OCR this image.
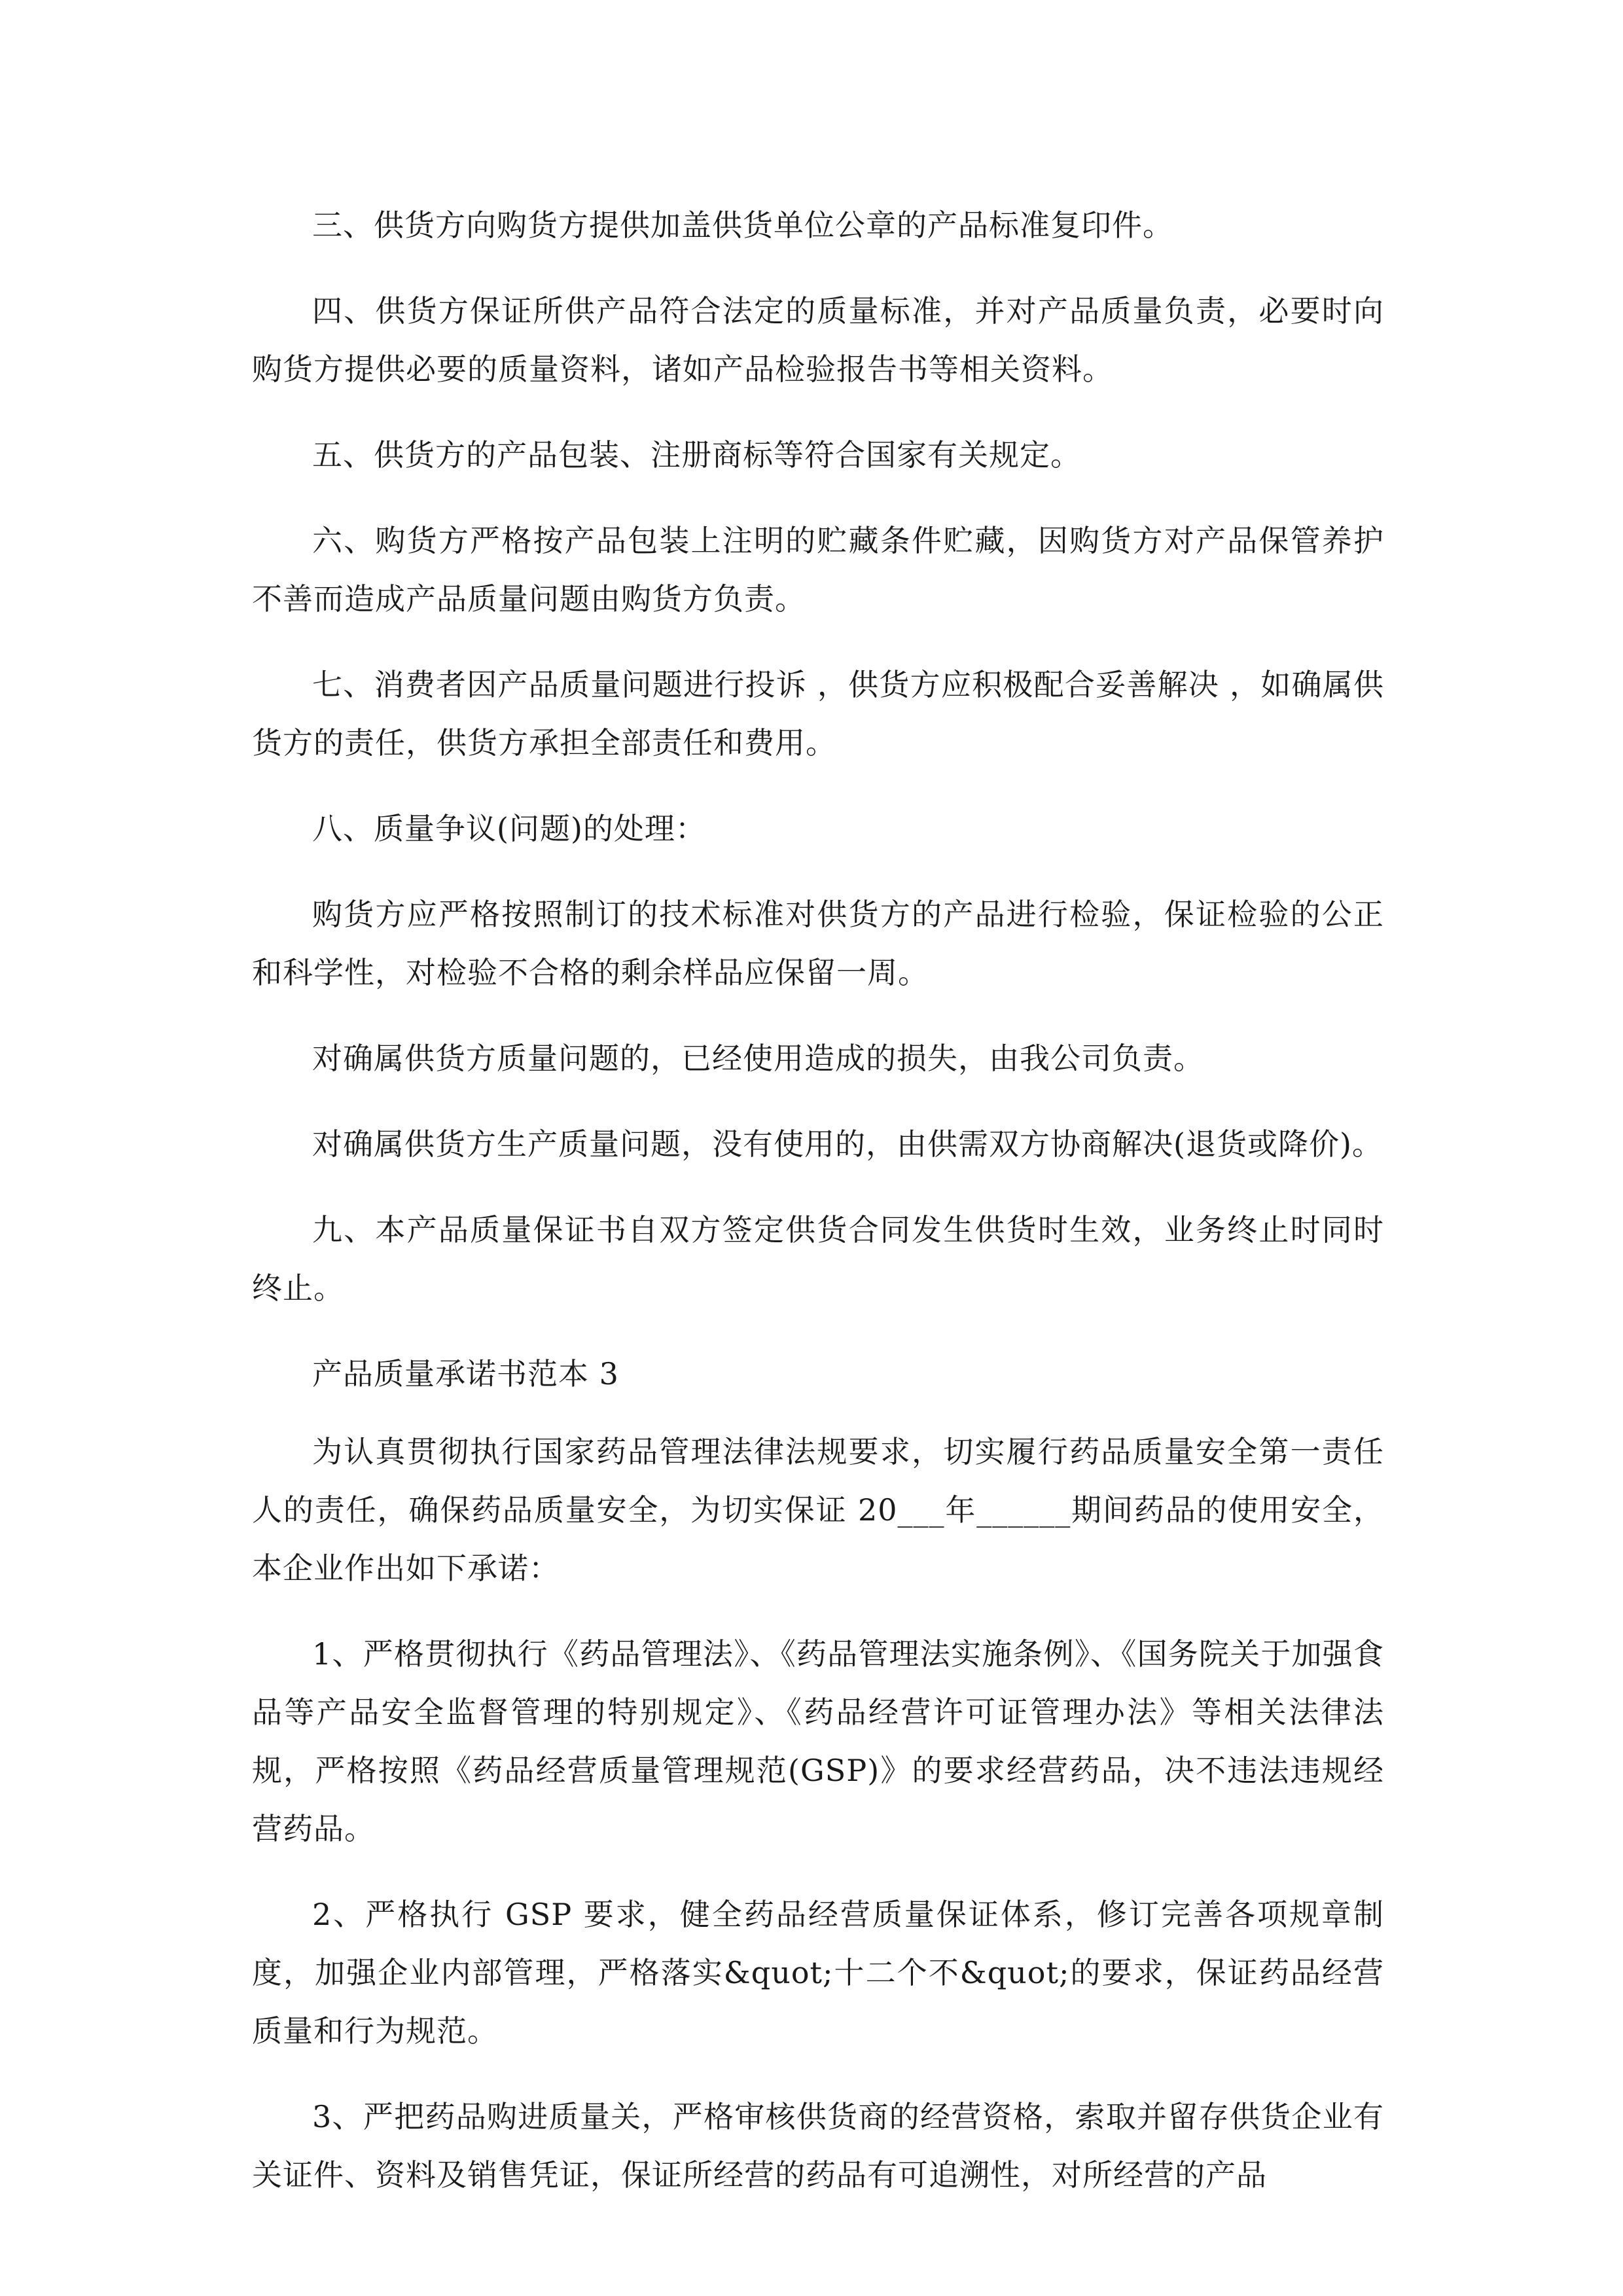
三、供货方向购货方提供加盖供货单位公章的产品标准复印件。

四、供货方保证所供产品符合法定的质量标准，并对产品质量负责，必要时向购货方提供必要的质量资料，诸如产品检验报告书等相关资料。

五、供货方的产品包装、注册商标等符合国家有关规定。

六、购货方严格按产品包装上注明的贮藏条件贮藏，因购货方对产品保管养护不善而造成产品质量问题由购货方负责。

七、消费者因产品质量问题进行投诉 ，供货方应积极配合妥善解决 ，如确属供货方的责任，供货方承担全部责任和费用。

八、质量争议(问题)的处理：

购货方应严格按照制订的技术标准对供货方的产品进行检验，保证检验的公正和科学性，对检验不合格的剩余样品应保留一周。

对确属供货方质量问题的，已经使用造成的损失，由我公司负责。

对确属供货方生产质量问题，没有使用的，由供需双方协商解决(退货或降价)。

九、本产品质量保证书自双方签定供货合同发生供货时生效，业务终止时同时终止。

产品质量承诺书范本 3

为认真贯彻执行国家药品管理法律法规要求，切实履行药品质量安全第一责任人的责任，确保药品质量安全，为切实保证 20___年______期间药品的使用安全，本企业作出如下承诺：

1、严格贯彻执行《药品管理法》、《药品管理法实施条例》、《国务院关于加强食品等产品安全监督管理的特别规定》、《药品经营许可证管理办法》等相关法律法规，严格按照《药品经营质量管理规范(GSP)》的要求经营药品，决不违法违规经营药品。

2、严格执行 GSP 要求，健全药品经营质量保证体系，修订完善各项规章制度，加强企业内部管理，严格落实&quot;十二个不&quot;的要求，保证药品经营质量和行为规范。

3、严把药品购进质量关，严格审核供货商的经营资格，索取并留存供货企业有关证件、资料及销售凭证，保证所经营的药品有可追溯性，对所经营的产品
